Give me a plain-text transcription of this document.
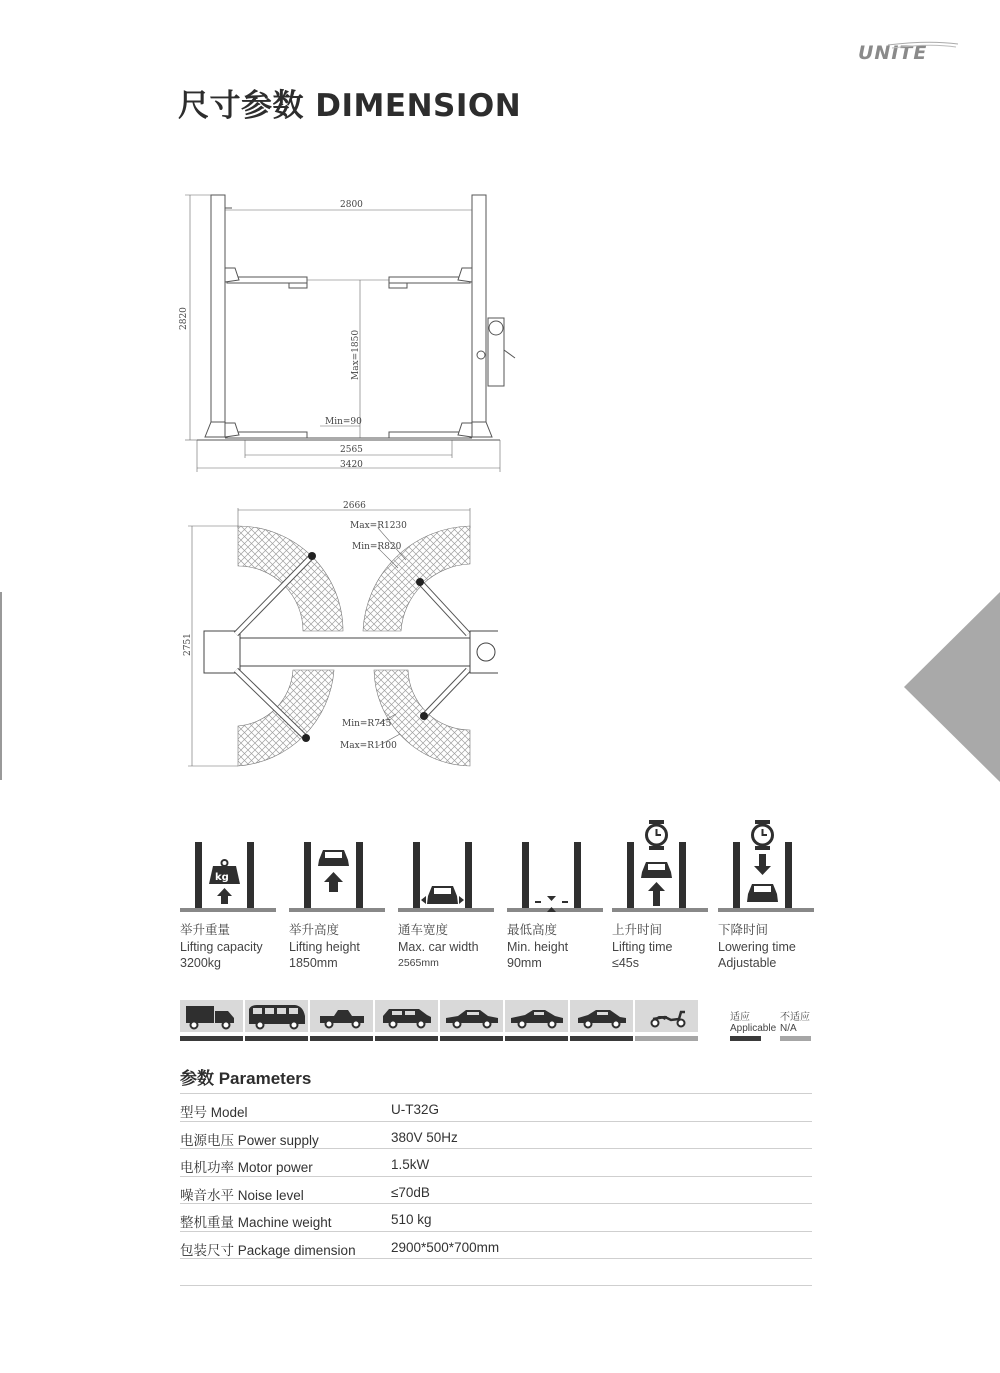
UNITE
尺寸参数 DIMENSION
2800
2820
Max=1850
Min=90
2565
3420
2666
2751
Max=R1230
Min=R820
Min=R745
Max=R1100
kg
举升重量
Lifting capacity
3200kg
举升高度
Lifting height
1850mm
通车宽度
Max. car width
2565mm
最低高度
Min. height
90mm
上升时间
Lifting time
≤45s
下降时间
Lowering time
Adjustable
适应
Applicable
不适应
N/A
参数 Parameters
型号 Model	U-T32G
电源电压 Power supply	380V 50Hz
电机功率 Motor power	1.5kW
噪音水平 Noise level	≤70dB
整机重量 Machine weight	510 kg
包装尺寸 Package dimension	2900*500*700mm
